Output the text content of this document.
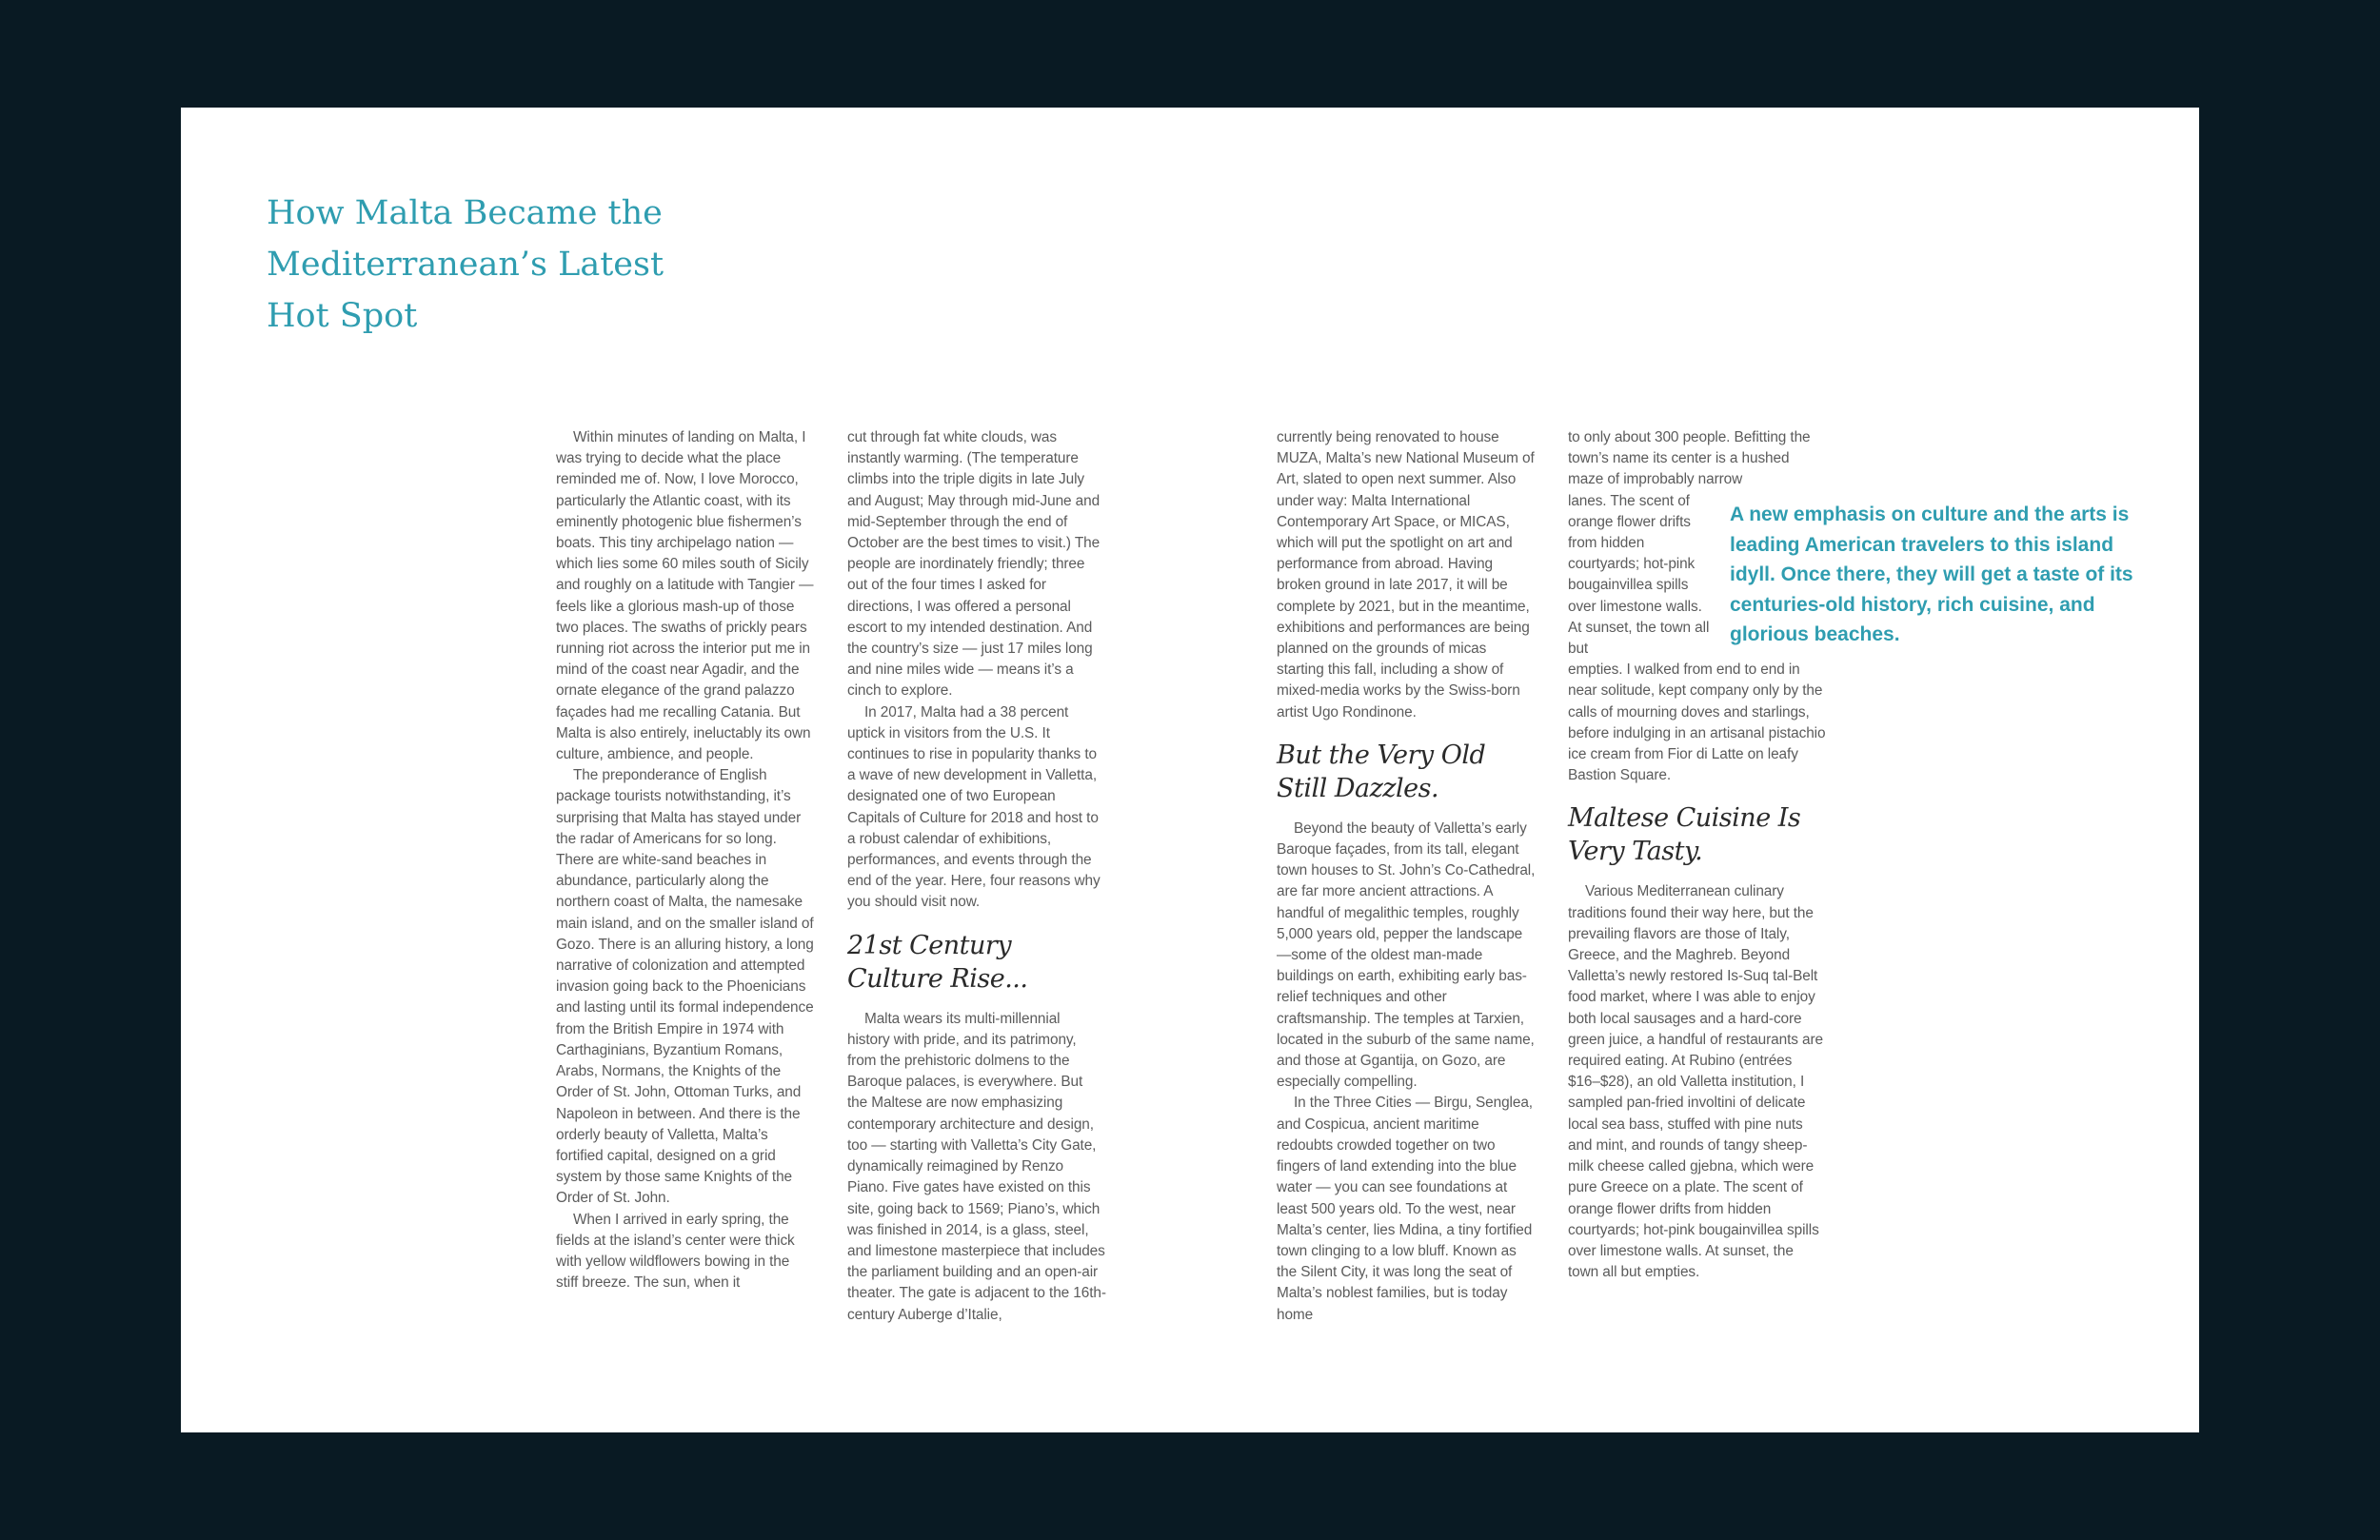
How Malta Became the Mediterranean’s Latest Hot Spot

Within minutes of landing on Malta, I was trying to decide what the place reminded me of. Now, I love Morocco, particularly the Atlantic coast, with its eminently photogenic blue fishermen’s boats. This tiny archipelago nation — which lies some 60 miles south of Sicily and roughly on a latitude with Tangier — feels like a glorious mash-up of those two places. The swaths of prickly pears running riot across the interior put me in mind of the coast near Agadir, and the ornate elegance of the grand palazzo façades had me recalling Catania. But Malta is also entirely, ineluctably its own culture, ambience, and people.

The preponderance of English package tourists notwithstanding, it’s surprising that Malta has stayed under the radar of Americans for so long. There are white-sand beaches in abundance, particularly along the northern coast of Malta, the namesake main island, and on the smaller island of Gozo. There is an alluring history, a long narrative of colonization and attempted invasion going back to the Phoenicians and lasting until its formal independence from the British Empire in 1974 with Carthaginians, Byzantium Romans, Arabs, Normans, the Knights of the Order of St. John, Ottoman Turks, and Napoleon in between. And there is the orderly beauty of Valletta, Malta’s fortified capital, designed on a grid system by those same Knights of the Order of St. John.

When I arrived in early spring, the fields at the island’s center were thick with yellow wildflowers bowing in the stiff breeze. The sun, when it

cut through fat white clouds, was instantly warming. (The temperature climbs into the triple digits in late July and August; May through mid-June and mid-September through the end of October are the best times to visit.) The people are inordinately friendly; three out of the four times I asked for directions, I was offered a personal escort to my intended destination. And the country’s size — just 17 miles long and nine miles wide — means it’s a cinch to explore.

In 2017, Malta had a 38 percent uptick in visitors from the U.S. It continues to rise in popularity thanks to a wave of new development in Valletta, designated one of two European Capitals of Culture for 2018 and host to a robust calendar of exhibitions, performances, and events through the end of the year. Here, four reasons why you should visit now.

21st Century Culture Rise...

Malta wears its multi-millennial history with pride, and its patrimony, from the prehistoric dolmens to the Baroque palaces, is everywhere. But the Maltese are now emphasizing contemporary architecture and design, too — starting with Valletta’s City Gate, dynamically reimagined by Renzo Piano. Five gates have existed on this site, going back to 1569; Piano’s, which was finished in 2014, is a glass, steel, and limestone masterpiece that includes the parliament building and an open-air theater. The gate is adjacent to the 16th-century Auberge d’Italie,

currently being renovated to house MUZA, Malta’s new National Museum of Art, slated to open next summer. Also under way: Malta International Contemporary Art Space, or MICAS, which will put the spotlight on art and performance from abroad. Having broken ground in late 2017, it will be complete by 2021, but in the meantime, exhibitions and performances are being planned on the grounds of micas starting this fall, including a show of mixed-media works by the Swiss-born artist Ugo Rondinone.

But the Very Old Still Dazzles.

Beyond the beauty of Valletta’s early Baroque façades, from its tall, elegant town houses to St. John’s Co-Cathedral, are far more ancient attractions. A handful of megalithic temples, roughly 5,000 years old, pepper the landscape—some of the oldest man-made buildings on earth, exhibiting early bas-relief techniques and other craftsmanship. The temples at Tarxien, located in the suburb of the same name, and those at Ggantija, on Gozo, are especially compelling.

In the Three Cities — Birgu, Senglea, and Cospicua, ancient maritime redoubts crowded together on two fingers of land extending into the blue water — you can see foundations at least 500 years old. To the west, near Malta’s center, lies Mdina, a tiny fortified town clinging to a low bluff. Known as the Silent City, it was long the seat of Malta’s noblest families, but is today home

to only about 300 people. Befitting the town’s name its center is a hushed maze of improbably narrow

lanes. The scent of orange flower drifts from hidden courtyards; hot-pink bougainvillea spills over limestone walls. At sunset, the town all but

empties. I walked from end to end in near solitude, kept company only by the calls of mourning doves and starlings, before indulging in an artisanal pistachio ice cream from Fior di Latte on leafy Bastion Square.

Maltese Cuisine Is Very Tasty.

Various Mediterranean culinary traditions found their way here, but the prevailing flavors are those of Italy, Greece, and the Maghreb. Beyond Valletta’s newly restored Is-Suq tal-Belt food market, where I was able to enjoy both local sausages and a hard-core green juice, a handful of restaurants are required eating. At Rubino (entrées $16–$28), an old Valletta institution, I sampled pan-fried involtini of delicate local sea bass, stuffed with pine nuts and mint, and rounds of tangy sheep-milk cheese called gjebna, which were pure Greece on a plate. The scent of orange flower drifts from hidden courtyards; hot-pink bougainvillea spills over limestone walls. At sunset, the town all but empties.

A new emphasis on culture and the arts is leading American travelers to this island idyll. Once there, they will get a taste of its centuries-old history, rich cuisine, and glorious beaches.
